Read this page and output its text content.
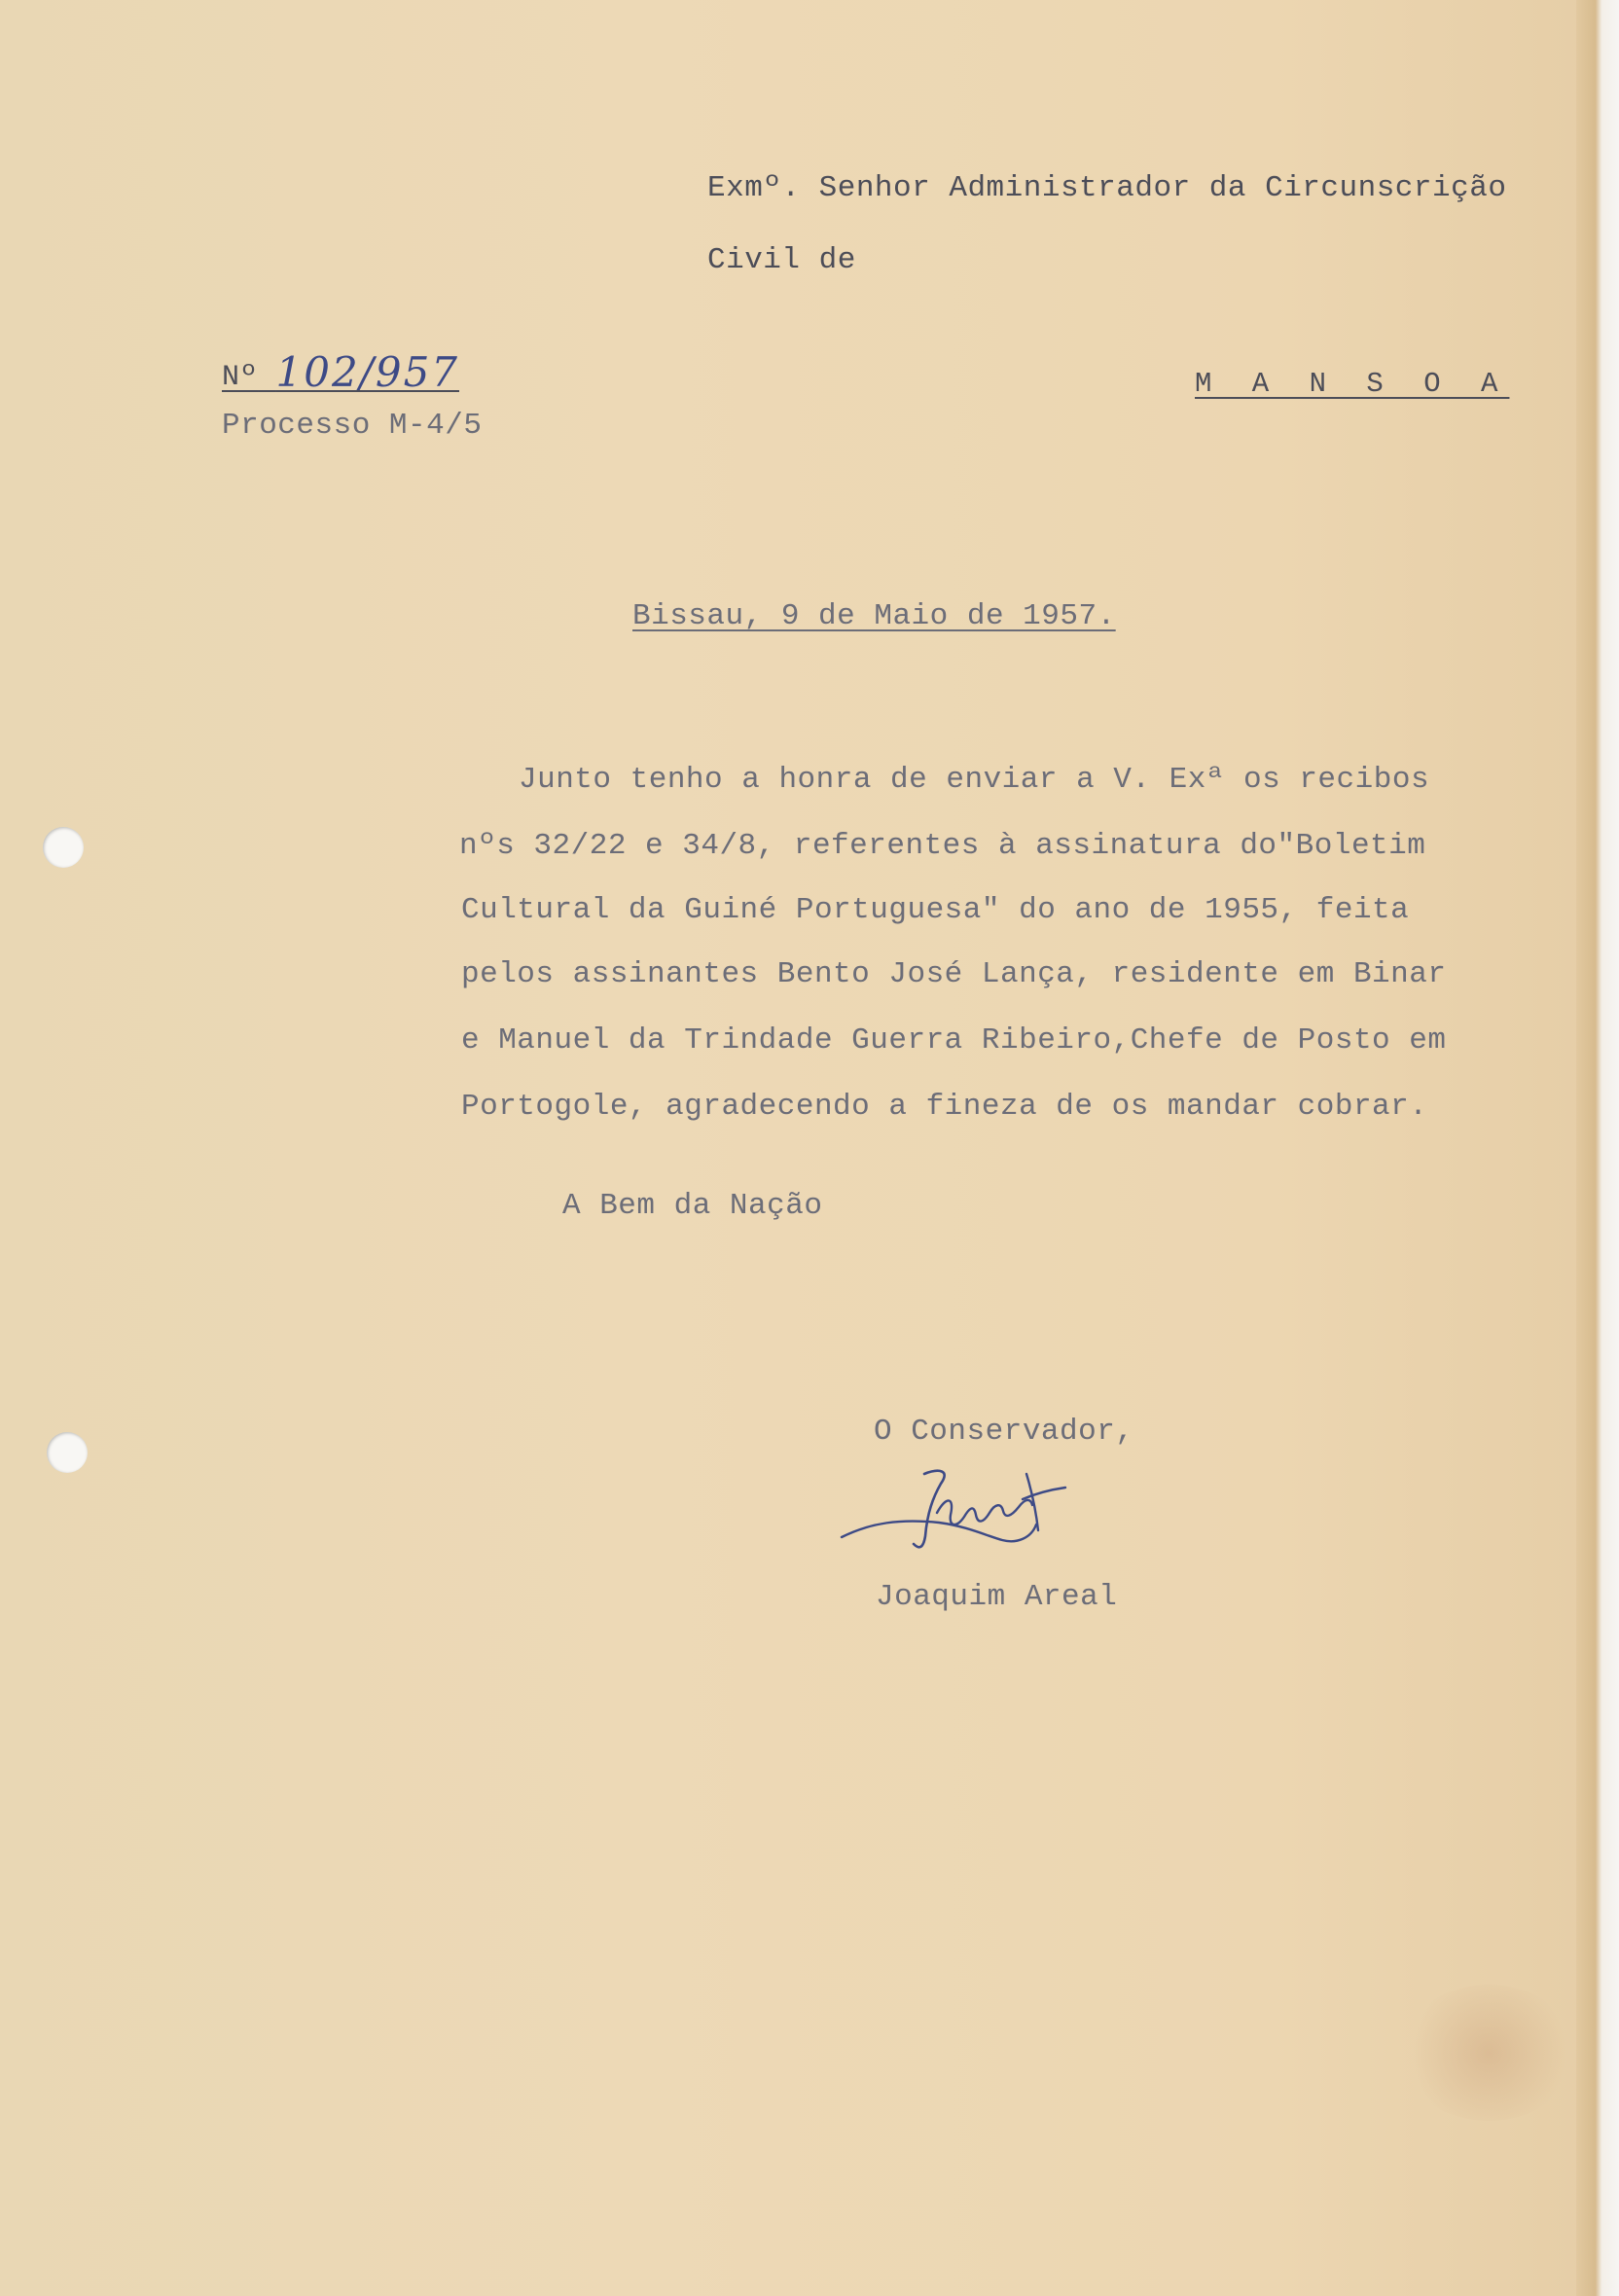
Exmº. Senhor Administrador da Circunscrição
Civil de
Nº 102/957
Processo M-4/5
M A N S O A
Bissau, 9 de Maio de 1957.
Junto tenho a honra de enviar a V. Exª os recibos
nºs 32/22 e 34/8, referentes à assinatura do"Boletim
Cultural da Guiné Portuguesa" do ano de 1955, feita
pelos assinantes Bento José Lança, residente em Binar
e Manuel da Trindade Guerra Ribeiro,Chefe de Posto em
Portogole, agradecendo a fineza de os mandar cobrar.
A Bem da Nação
O Conservador,
Joaquim Areal
